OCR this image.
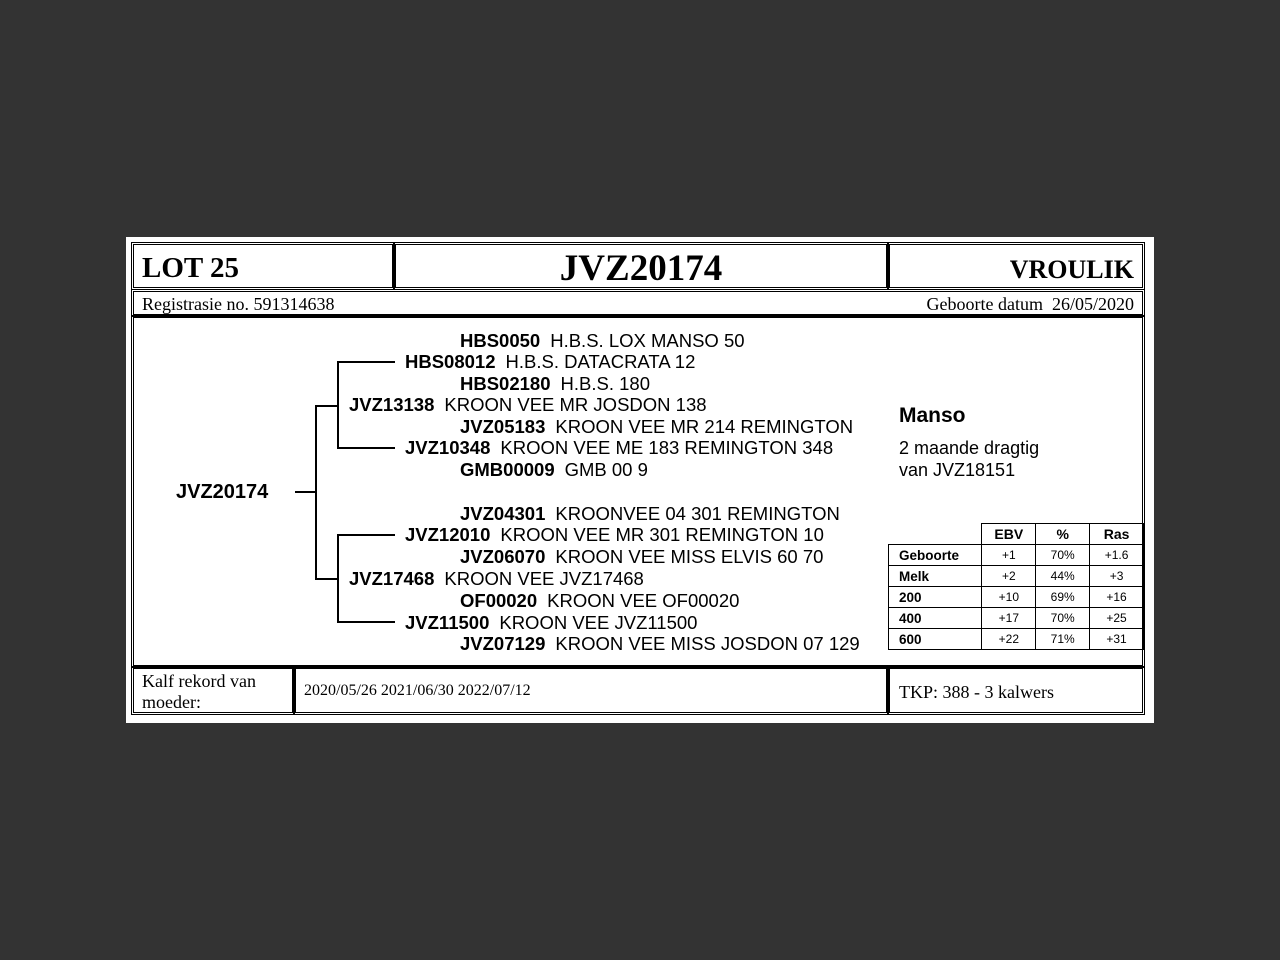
LOT 25	JVZ20174	VROULIK
Registrasie no. 591314638	Geboorte datum 26/05/2020
JVZ20174
HBS0050 H.B.S. LOX MANSO 50
HBS08012 H.B.S. DATACRATA 12
HBS02180 H.B.S. 180
JVZ13138 KROON VEE MR JOSDON 138
JVZ05183 KROON VEE MR 214 REMINGTON
JVZ10348 KROON VEE ME 183 REMINGTON 348
GMB00009 GMB 00 9
JVZ04301 KROONVEE 04 301 REMINGTON
JVZ12010 KROON VEE MR 301 REMINGTON 10
JVZ06070 KROON VEE MISS ELVIS 60 70
JVZ17468 KROON VEE JVZ17468
OF00020 KROON VEE OF00020
JVZ11500 KROON VEE JVZ11500
JVZ07129 KROON VEE MISS JOSDON 07 129
Manso
2 maande dragtig
van JVZ18151
	EBV	%	Ras
Geboorte	+1	70%	+1.6
Melk	+2	44%	+3
200	+10	69%	+16
400	+17	70%	+25
600	+22	71%	+31
Kalf rekord van
moeder:
2020/05/26 2021/06/30 2022/07/12	TKP: 388 - 3 kalwers
